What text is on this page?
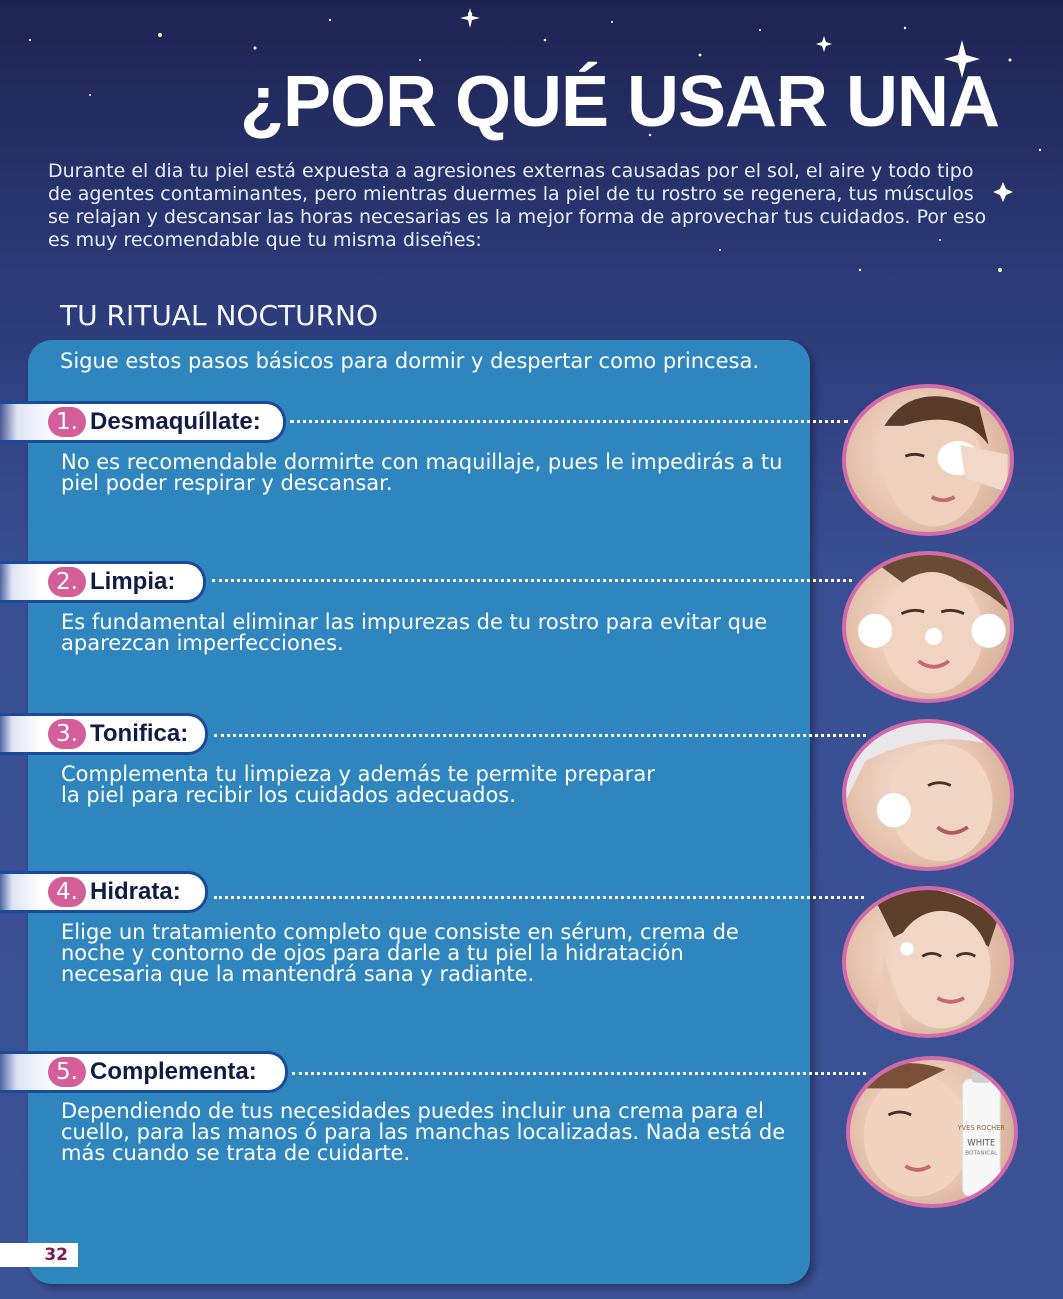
¿POR QUÉ USAR UNA
Durante el dia tu piel está expuesta a agresiones externas causadas por el sol, el aire y todo tipo de agentes contaminantes, pero mientras duermes la piel de tu rostro se regenera, tus músculos se relajan y descansar las horas necesarias es la mejor forma de aprovechar tus cuidados. Por eso es muy recomendable que tu misma diseñes:
TU RITUAL NOCTURNO
Sigue estos pasos básicos para dormir y despertar como princesa.
1. Desmaquíllate:
No es recomendable dormirte con maquillaje, pues le impedirás a tu piel poder respirar y descansar.
2. Limpia:
Es fundamental eliminar las impurezas de tu rostro para evitar que aparezcan imperfecciones.
3. Tonifica:
Complementa tu limpieza y además te permite preparar la piel para recibir los cuidados adecuados.
4. Hidrata:
Elige un tratamiento completo que consiste en sérum, crema de noche y contorno de ojos para darle a tu piel la hidratación necesaria que la mantendrá sana y radiante.
5. Complementa:
Dependiendo de tus necesidades puedes incluir una crema para el cuello, para las manos ó para las manchas localizadas. Nada está de más cuando se trata de cuidarte.
YVES ROCHER
WHITE
BOTANICAL
32
